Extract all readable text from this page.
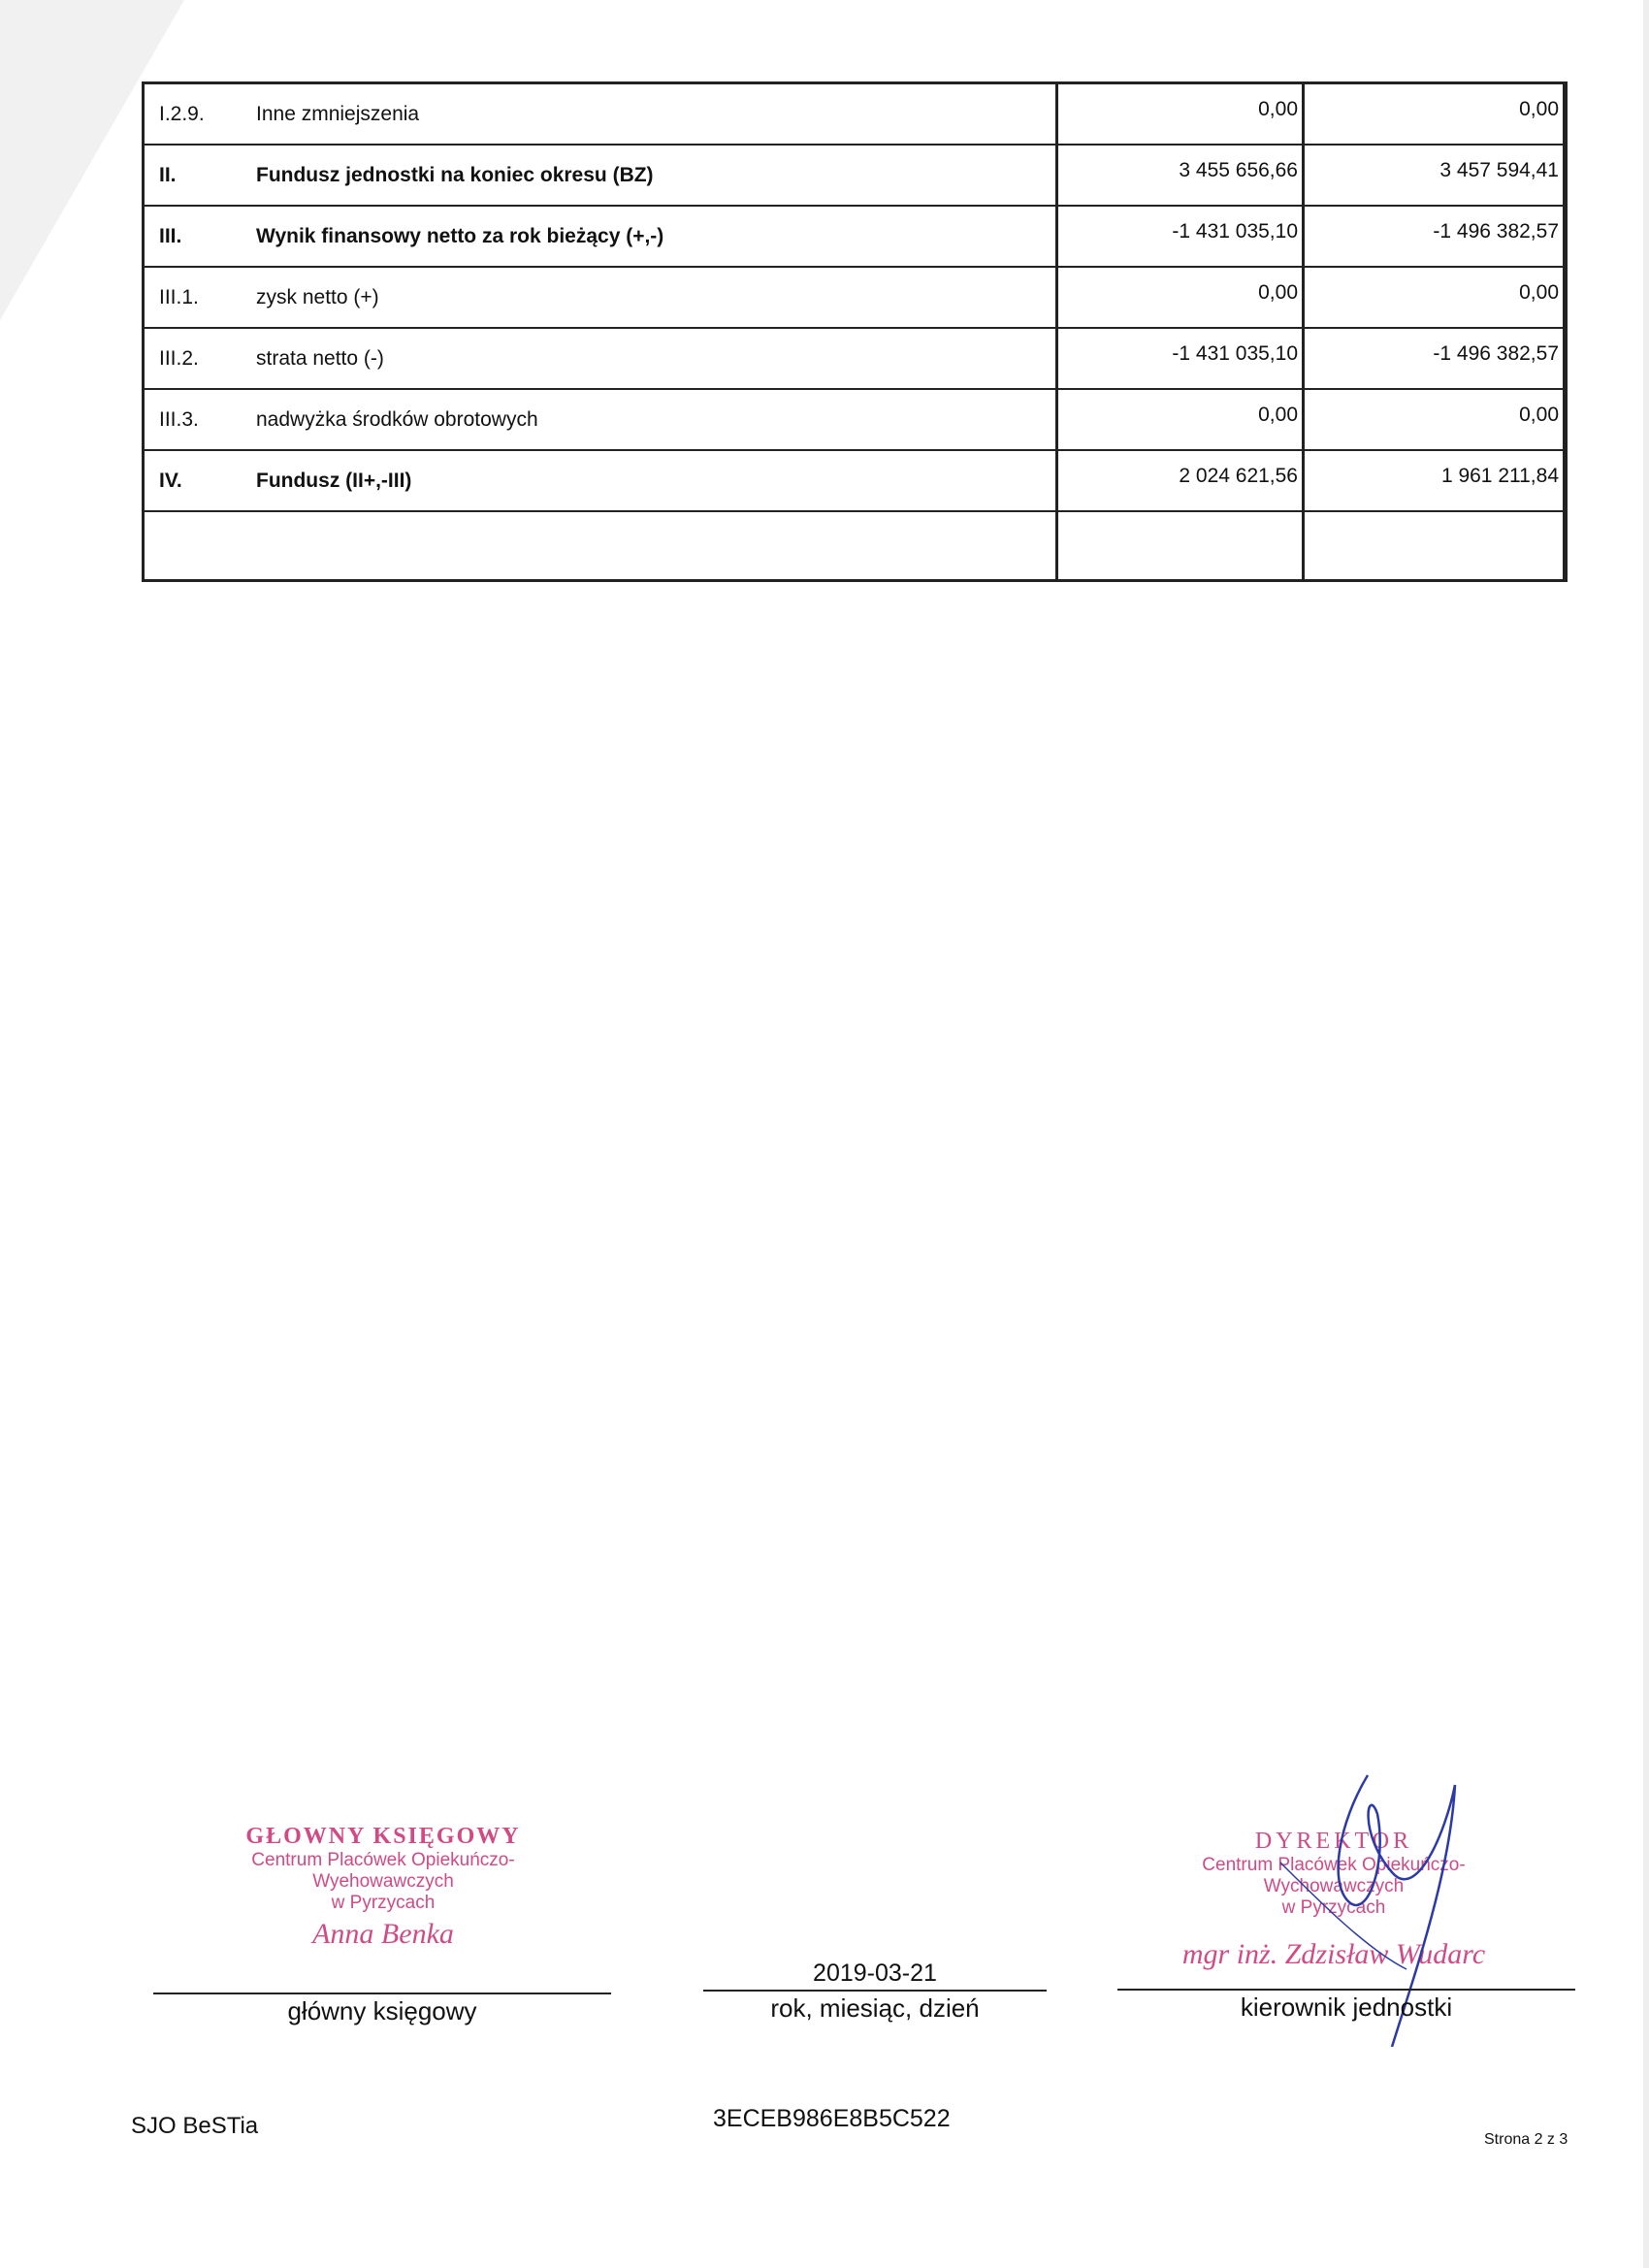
I.2.9.	Inne zmniejszenia	0,00	0,00
II.	Fundusz jednostki na koniec okresu (BZ)	3 455 656,66	3 457 594,41
III.	Wynik finansowy netto za rok bieżący (+,-)	-1 431 035,10	-1 496 382,57
III.1.	zysk netto (+)	0,00	0,00
III.2.	strata netto (-)	-1 431 035,10	-1 496 382,57
III.3.	nadwyżka środków obrotowych	0,00	0,00
IV.	Fundusz (II+,-III)	2 024 621,56	1 961 211,84
GŁOWNY KSIĘGOWY
Centrum Placówek Opiekuńczo-Wyehowawczych
w Pyrzycach
Anna Benka
DYREKTOR
Centrum Placówek Opiekuńczo-Wychowawczych
w Pyrzycach
mgr inż. Zdzisław Wudarc
2019-03-21
główny księgowy	rok, miesiąc, dzień	kierownik jednostki
SJO BeSTia	3ECEB986E8B5C522
Strona 2 z 3
